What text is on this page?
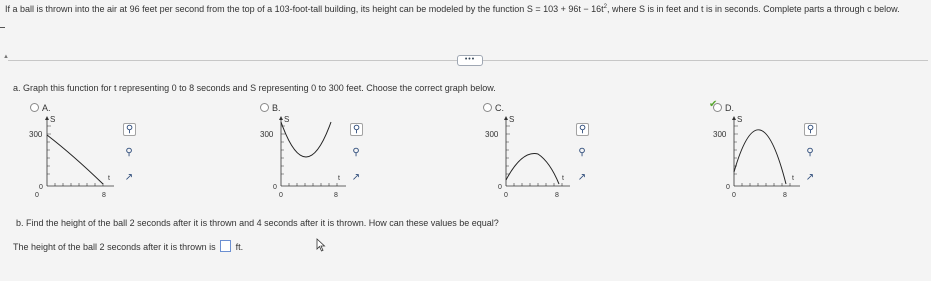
If a ball is thrown into the air at 96 feet per second from the top of a 103-foot-tall building, its height can be modeled by the function $S = 103 + 96t - 16t^2$, where S is in feet and t is in seconds. Complete parts a through c below.
▲	•••
a. Graph this function for t representing 0 to 8 seconds and S representing 0 to 300 feet. Choose the correct graph below.
A.	B.	C.	✔ D.
S
300
0
t
0	8
S
300
0
t
0	8
S
300
0
t
0	8
S
300
0
t
0	8
⚲
⚲
↗
⚲
⚲
↗
⚲
⚲
↗
⚲
⚲
↗
b. Find the height of the ball 2 seconds after it is thrown and 4 seconds after it is thrown. How can these values be equal?
The height of the ball 2 seconds after it is thrown is ft.
